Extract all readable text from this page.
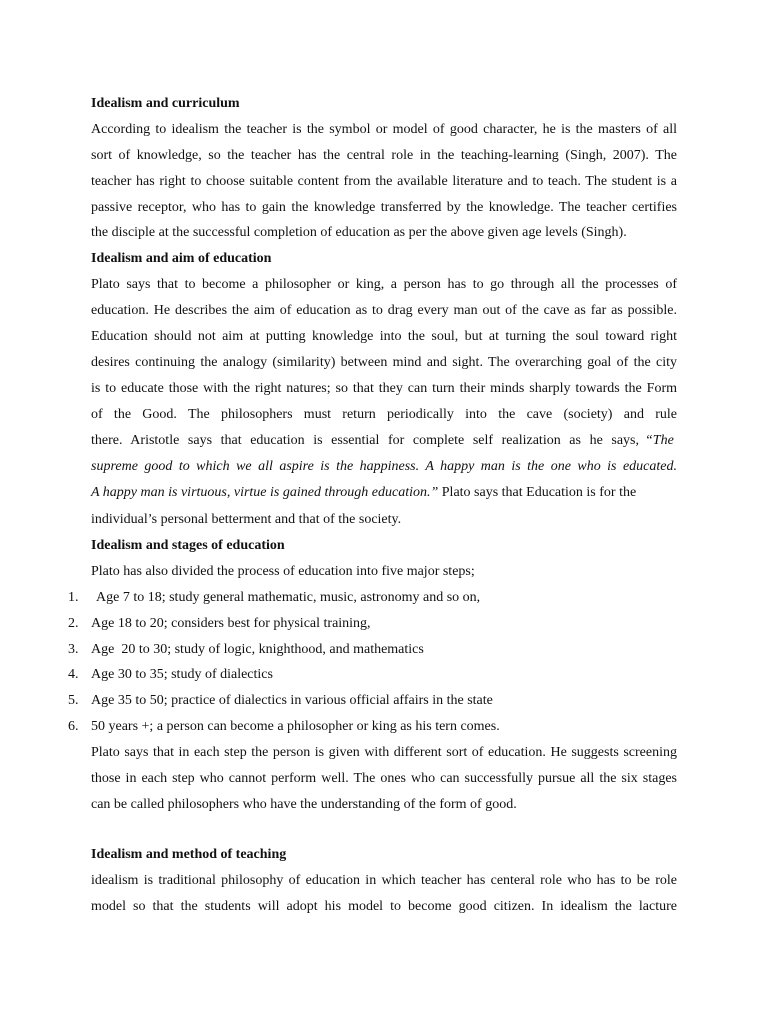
Idealism and curriculum
According to idealism the teacher is the symbol or model of good character, he is the masters of all
sort of knowledge, so the teacher has the central role in the teaching-learning (Singh, 2007). The
teacher has right to choose suitable content from the available literature and to teach. The student is a
passive receptor, who has to gain the knowledge transferred by the knowledge. The teacher certifies
the disciple at the successful completion of education as per the above given age levels (Singh).
Idealism and aim of education
Plato says that to become a philosopher or king, a person has to go through all the processes of
education. He describes the aim of education as to drag every man out of the cave as far as possible.
Education should not aim at putting knowledge into the soul, but at turning the soul toward right
desires continuing the analogy (similarity) between mind and sight. The overarching goal of the city
is to educate those with the right natures; so that they can turn their minds sharply towards the Form
of the Good. The philosophers must return periodically into the cave (society) and rule
there. Aristotle says that education is essential for complete self realization as he says, “The
supreme good to which we all aspire is the happiness. A happy man is the one who is educated.
A happy man is virtuous, virtue is gained through education.” Plato says that Education is for the
individual’s personal betterment and that of the society.
Idealism and stages of education
Plato has also divided the process of education into five major steps;
1. Age 7 to 18; study general mathematic, music, astronomy and so on,
2. Age 18 to 20; considers best for physical training,
3. Age  20 to 30; study of logic, knighthood, and mathematics
4. Age 30 to 35; study of dialectics
5. Age 35 to 50; practice of dialectics in various official affairs in the state
6. 50 years +; a person can become a philosopher or king as his tern comes.
Plato says that in each step the person is given with different sort of education. He suggests screening
those in each step who cannot perform well. The ones who can successfully pursue all the six stages
can be called philosophers who have the understanding of the form of good.
Idealism and method of teaching
idealism is traditional philosophy of education in which teacher has centeral role who has to be role
model so that the students will adopt his model to become good citizen. In idealism the lacture
